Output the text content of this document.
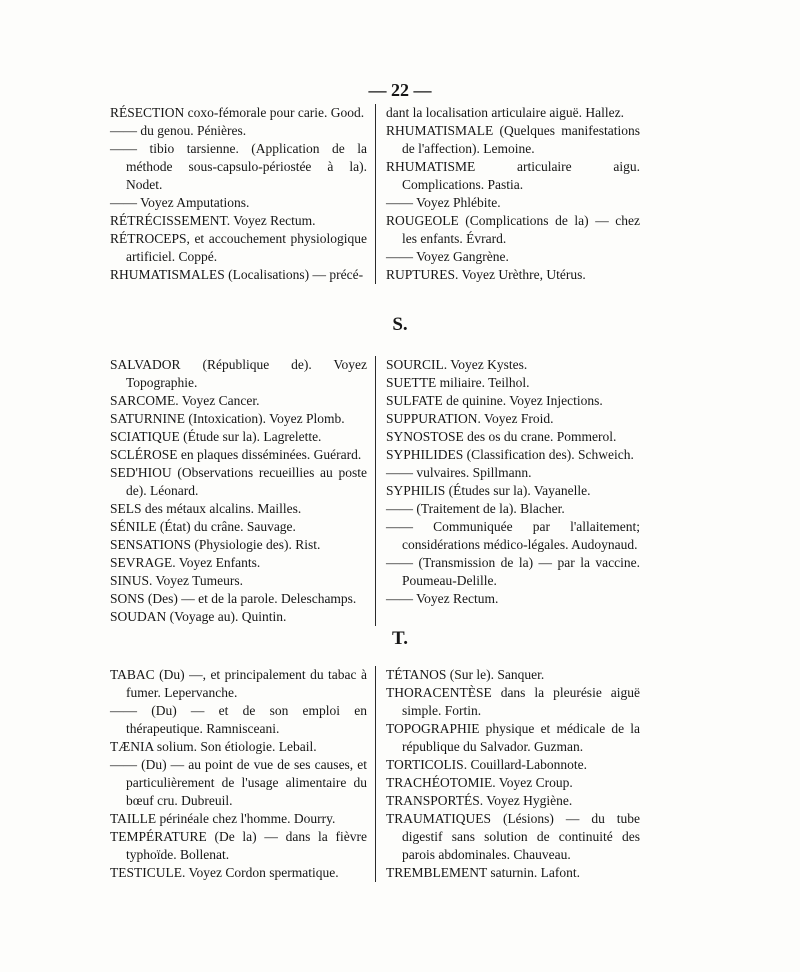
— 22 —
RÉSECTION coxo-fémorale pour carie. Good.
—— du genou. Pénières.
—— tibio tarsienne. (Application de la méthode sous-capsulo-périostée à la). Nodet.
—— Voyez Amputations.
RÉTRÉCISSEMENT. Voyez Rectum.
RÉTROCEPS, et accouchement physiologique artificiel. Coppé.
RHUMATISMALES (Localisations) — précé-
dant la localisation articulaire aiguë. Hallez.
RHUMATISMALE (Quelques manifestations de l'affection). Lemoine.
RHUMATISME articulaire aigu. Complications. Pastia.
—— Voyez Phlébite.
ROUGEOLE (Complications de la) — chez les enfants. Évrard.
—— Voyez Gangrène.
RUPTURES. Voyez Urèthre, Utérus.
S.
SALVADOR (République de). Voyez Topographie.
SARCOME. Voyez Cancer.
SATURNINE (Intoxication). Voyez Plomb.
SCIATIQUE (Étude sur la). Lagrelette.
SCLÉROSE en plaques disséminées. Guérard.
SED'HIOU (Observations recueillies au poste de). Léonard.
SELS des métaux alcalins. Mailles.
SÉNILE (État) du crâne. Sauvage.
SENSATIONS (Physiologie des). Rist.
SEVRAGE. Voyez Enfants.
SINUS. Voyez Tumeurs.
SONS (Des) — et de la parole. Deleschamps.
SOUDAN (Voyage au). Quintin.
SOURCIL. Voyez Kystes.
SUETTE miliaire. Teilhol.
SULFATE de quinine. Voyez Injections.
SUPPURATION. Voyez Froid.
SYNOSTOSE des os du crane. Pommerol.
SYPHILIDES (Classification des). Schweich.
—— vulvaires. Spillmann.
SYPHILIS (Études sur la). Vayanelle.
—— (Traitement de la). Blacher.
—— Communiquée par l'allaitement; considérations médico-légales. Audoynaud.
—— (Transmission de la) — par la vaccine. Poumeau-Delille.
—— Voyez Rectum.
T.
TABAC (Du) —, et principalement du tabac à fumer. Lepervanche.
—— (Du) — et de son emploi en thérapeutique. Ramnisceani.
TÆNIA solium. Son étiologie. Lebail.
—— (Du) — au point de vue de ses causes, et particulièrement de l'usage alimentaire du bœuf cru. Dubreuil.
TAILLE périnéale chez l'homme. Dourry.
TEMPÉRATURE (De la) — dans la fièvre typhoïde. Bollenat.
TESTICULE. Voyez Cordon spermatique.
TÉTANOS (Sur le). Sanquer.
THORACENTÈSE dans la pleurésie aiguë simple. Fortin.
TOPOGRAPHIE physique et médicale de la république du Salvador. Guzman.
TORTICOLIS. Couillard-Labonnote.
TRACHÉOTOMIE. Voyez Croup.
TRANSPORTÉS. Voyez Hygiène.
TRAUMATIQUES (Lésions) — du tube digestif sans solution de continuité des parois abdominales. Chauveau.
TREMBLEMENT saturnin. Lafont.
